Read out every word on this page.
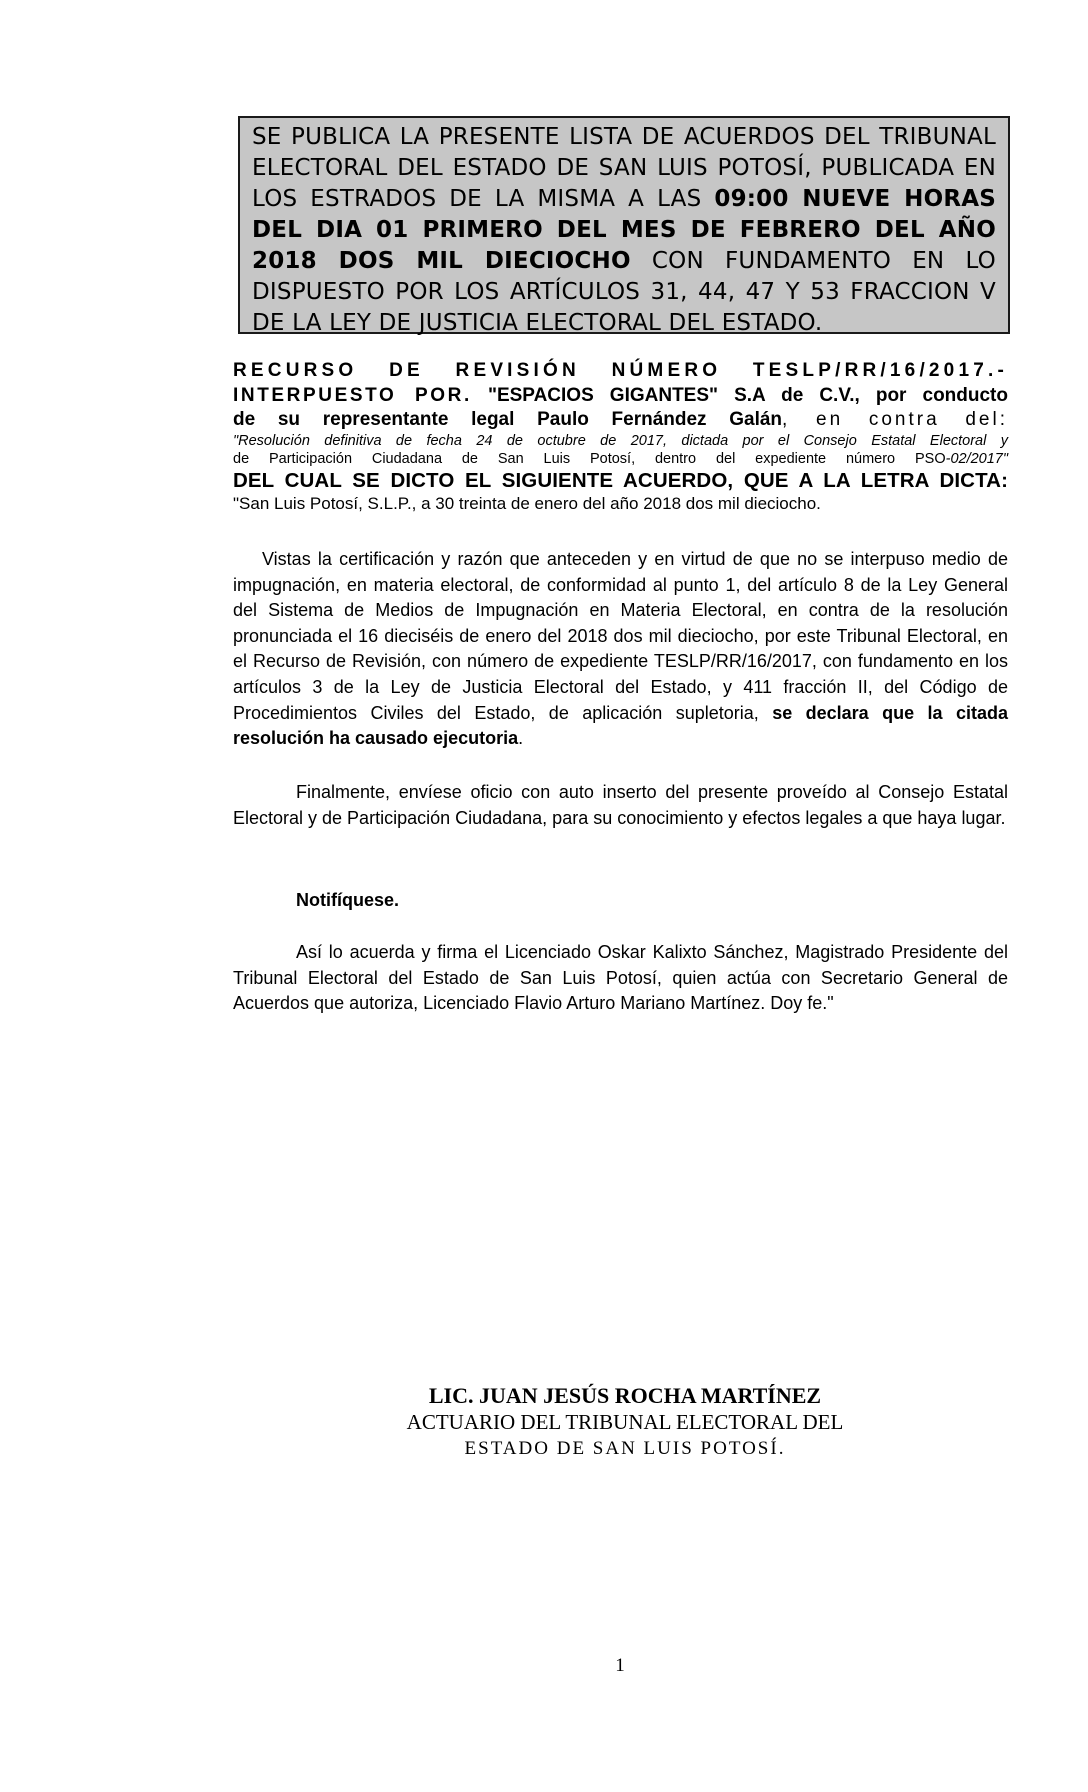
SE PUBLICA LA PRESENTE LISTA DE ACUERDOS DEL TRIBUNAL ELECTORAL DEL ESTADO DE SAN LUIS POTOSÍ, PUBLICADA EN LOS ESTRADOS DE LA MISMA A LAS 09:00 NUEVE HORAS DEL DIA 01 PRIMERO DEL MES DE FEBRERO DEL AÑO 2018 DOS MIL DIECIOCHO CON FUNDAMENTO EN LO DISPUESTO POR LOS ARTÍCULOS 31, 44, 47 Y 53 FRACCION V DE LA LEY DE JUSTICIA ELECTORAL DEL ESTADO.
RECURSO DE REVISIÓN NÚMERO TESLP/RR/16/2017.-
INTERPUESTO POR. "ESPACIOS GIGANTES" S.A de C.V., por conducto
de su representante legal Paulo Fernández Galán, en contra del:
"Resolución definitiva de fecha 24 de octubre de 2017, dictada por el Consejo Estatal Electoral y
de Participación Ciudadana de San Luis Potosí, dentro del expediente número PSO-02/2017"
DEL CUAL SE DICTO EL SIGUIENTE ACUERDO, QUE A LA LETRA DICTA:
"San Luis Potosí, S.L.P., a 30 treinta de enero del año 2018 dos mil dieciocho.

Vistas la certificación y razón que anteceden y en virtud de que no se interpuso medio de impugnación, en materia electoral, de conformidad al punto 1, del artículo 8 de la Ley General del Sistema de Medios de Impugnación en Materia Electoral, en contra de la resolución pronunciada el 16 dieciséis de enero del 2018 dos mil dieciocho, por este Tribunal Electoral, en el Recurso de Revisión, con número de expediente TESLP/RR/16/2017, con fundamento en los artículos 3 de la Ley de Justicia Electoral del Estado, y 411 fracción II, del Código de Procedimientos Civiles del Estado, de aplicación supletoria, se declara que la citada resolución ha causado ejecutoria.

Finalmente, envíese oficio con auto inserto del presente proveído al Consejo Estatal Electoral y de Participación Ciudadana, para su conocimiento y efectos legales a que haya lugar.

Notifíquese.

Así lo acuerda y firma el Licenciado Oskar Kalixto Sánchez, Magistrado Presidente del Tribunal Electoral del Estado de San Luis Potosí, quien actúa con Secretario General de Acuerdos que autoriza, Licenciado Flavio Arturo Mariano Martínez. Doy fe."

LIC. JUAN JESÚS ROCHA MARTÍNEZ
ACTUARIO DEL TRIBUNAL ELECTORAL DEL
ESTADO DE SAN LUIS POTOSÍ.
1
